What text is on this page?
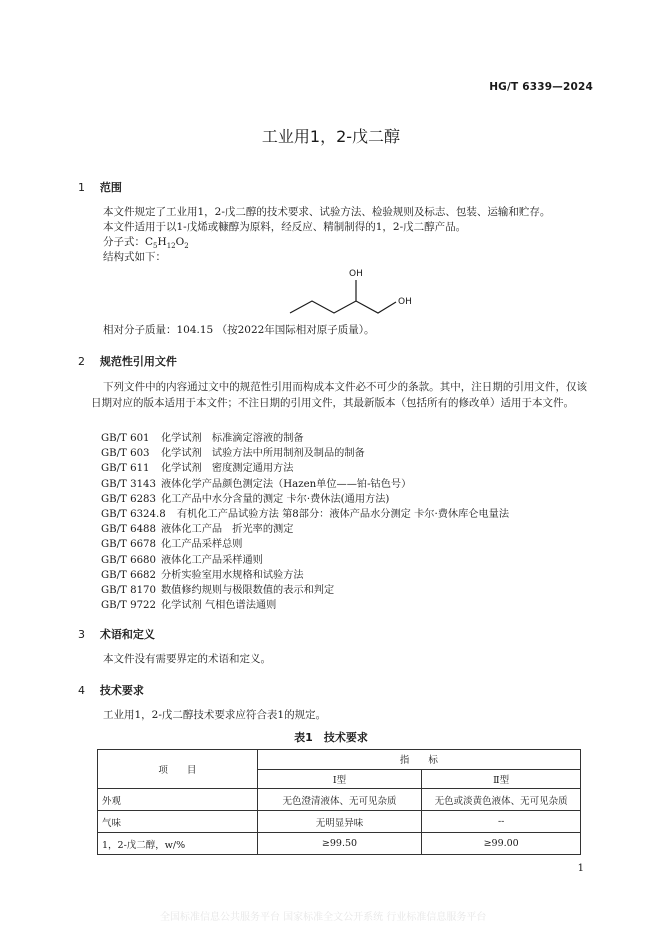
HG/T 6339—2024
工业用1，2-戊二醇
1 范围
本文件规定了工业用1，2-戊二醇的技术要求、试验方法、检验规则及标志、包装、运输和贮存。
本文件适用于以1-戊烯或糠醇为原料，经反应、精制制得的1，2-戊二醇产品。
分子式：$C_5H_{12}O_2$
结构式如下：
OH
OH
相对分子质量：104.15 （按2022年国际相对原子质量）。
2 规范性引用文件
下列文件中的内容通过文中的规范性引用而构成本文件必不可少的条款。其中，注日期的引用文件，仅该日期对应的版本适用于本文件；不注日期的引用文件，其最新版本（包括所有的修改单）适用于本文件。
GB/T 601 化学试剂　标准滴定溶液的制备
GB/T 603 化学试剂　试验方法中所用制剂及制品的制备
GB/T 611 化学试剂　密度测定通用方法
GB/T 3143 液体化学产品颜色测定法（Hazen单位——铂-钴色号）
GB/T 6283 化工产品中水分含量的测定 卡尔·费休法(通用方法)
GB/T 6324.8 有机化工产品试验方法 第8部分：液体产品水分测定 卡尔·费休库仑电量法
GB/T 6488 液体化工产品　折光率的测定
GB/T 6678 化工产品采样总则
GB/T 6680 液体化工产品采样通则
GB/T 6682 分析实验室用水规格和试验方法
GB/T 8170 数值修约规则与极限数值的表示和判定
GB/T 9722 化学试剂 气相色谱法通则
3 术语和定义
本文件没有需要界定的术语和定义。
4 技术要求
工业用1，2-戊二醇技术要求应符合表1的规定。
表1　技术要求
项　　目	指　　标	
	Ⅰ型	Ⅱ型
外观	无色澄清液体、无可见杂质	无色或淡黄色液体、无可见杂质
气味	无明显异味	--
1，2-戊二醇，w/%	≥99.50	≥99.00
1
全国标准信息公共服务平台 国家标准全文公开系统 行业标准信息服务平台
